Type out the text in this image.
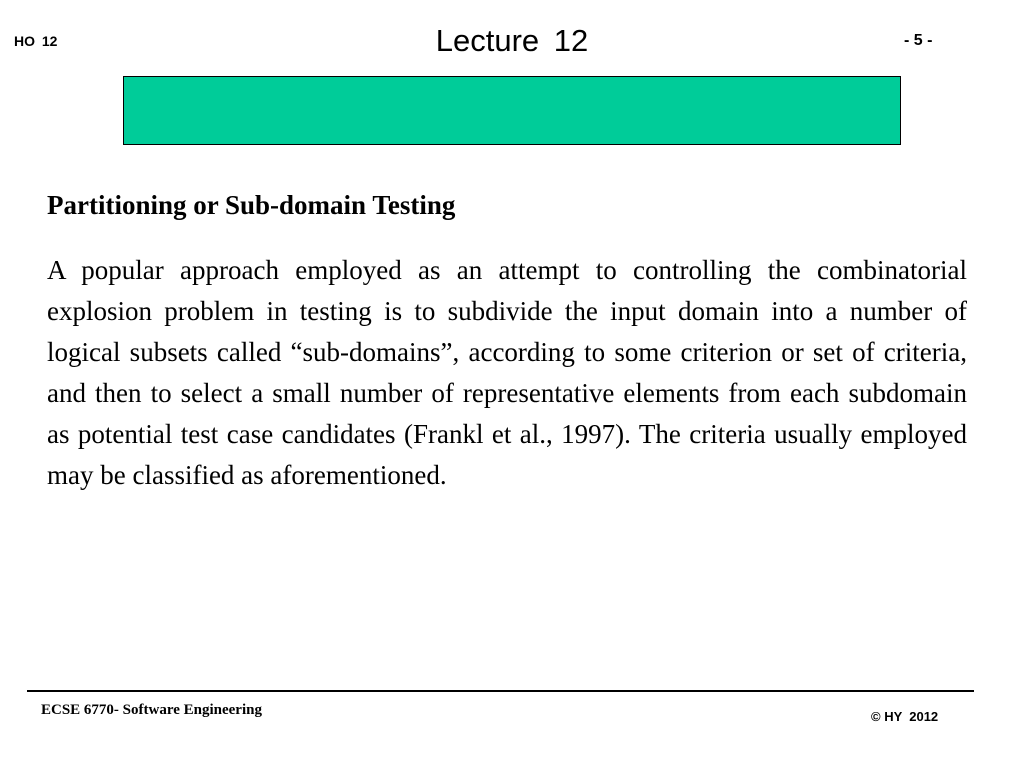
HO 12	Lecture 12	- 5 -
Partitioning or Sub-domain Testing

A popular approach employed as an attempt to controlling the combinatorial explosion problem in testing is to subdivide the input domain into a number of logical subsets called “sub-domains”, according to some criterion or set of criteria, and then to select a small number of representative elements from each subdomain as potential test case candidates (Frankl et al., 1997). The criteria usually employed may be classified as aforementioned.

ECSE 6770- Software Engineering	© HY  2012
